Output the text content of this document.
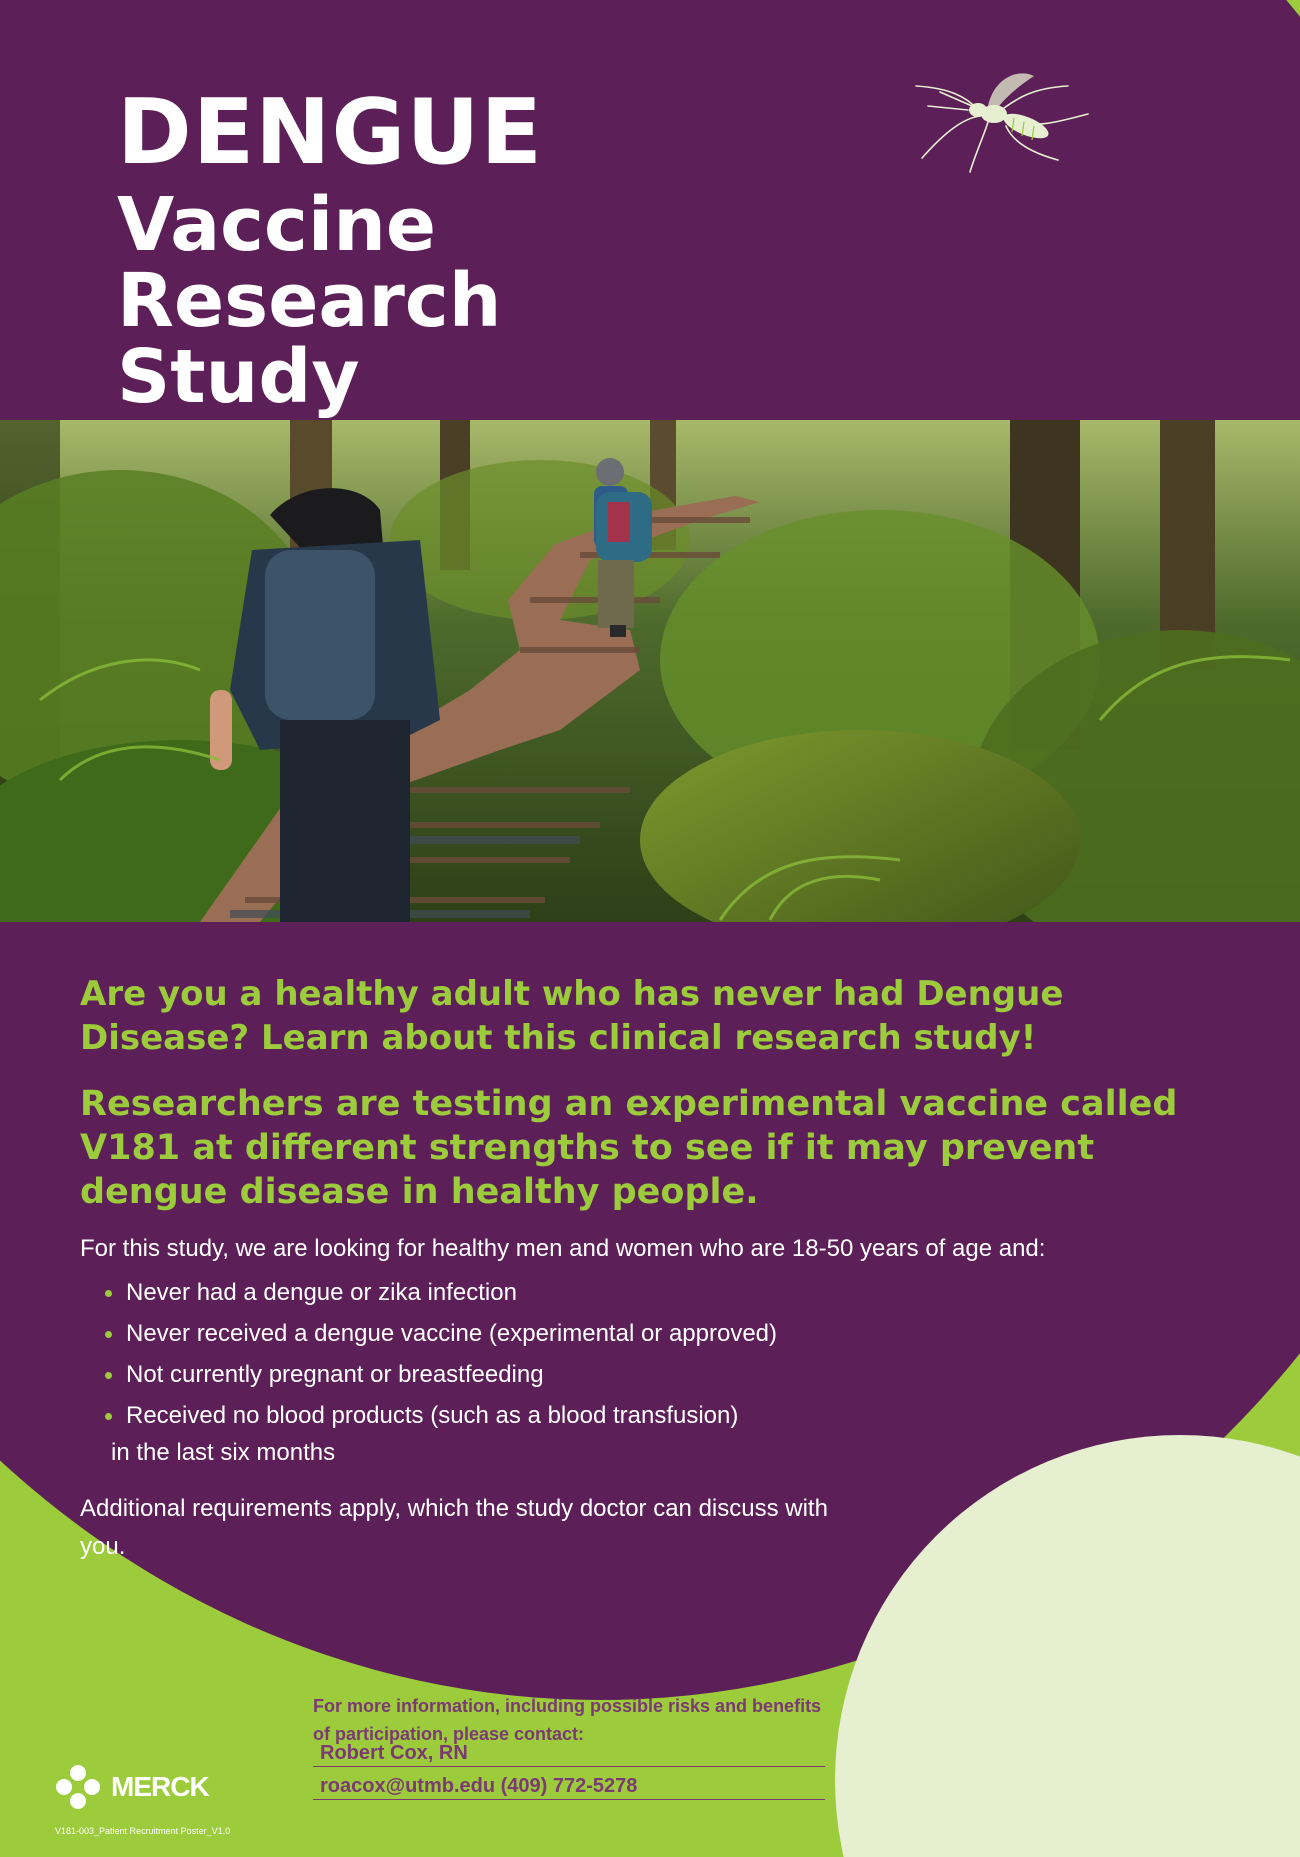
DENGUE
Vaccine
Research
Study

Are you a healthy adult who has never had Dengue Disease? Learn about this clinical research study!

Researchers are testing an experimental vaccine called V181 at different strengths to see if it may prevent dengue disease in healthy people.

For this study, we are looking for healthy men and women who are 18-50 years of age and:
Never had a dengue or zika infection
Never received a dengue vaccine (experimental or approved)
Not currently pregnant or breastfeeding
Received no blood products (such as a blood transfusion)
in the last six months
Additional requirements apply, which the study doctor can discuss with you.
For more information, including possible risks and benefits of participation, please contact:
Robert Cox, RN
roacox@utmb.edu (409) 772-5278
MERCK
V181-003_Patient Recruitment Poster_V1.0
